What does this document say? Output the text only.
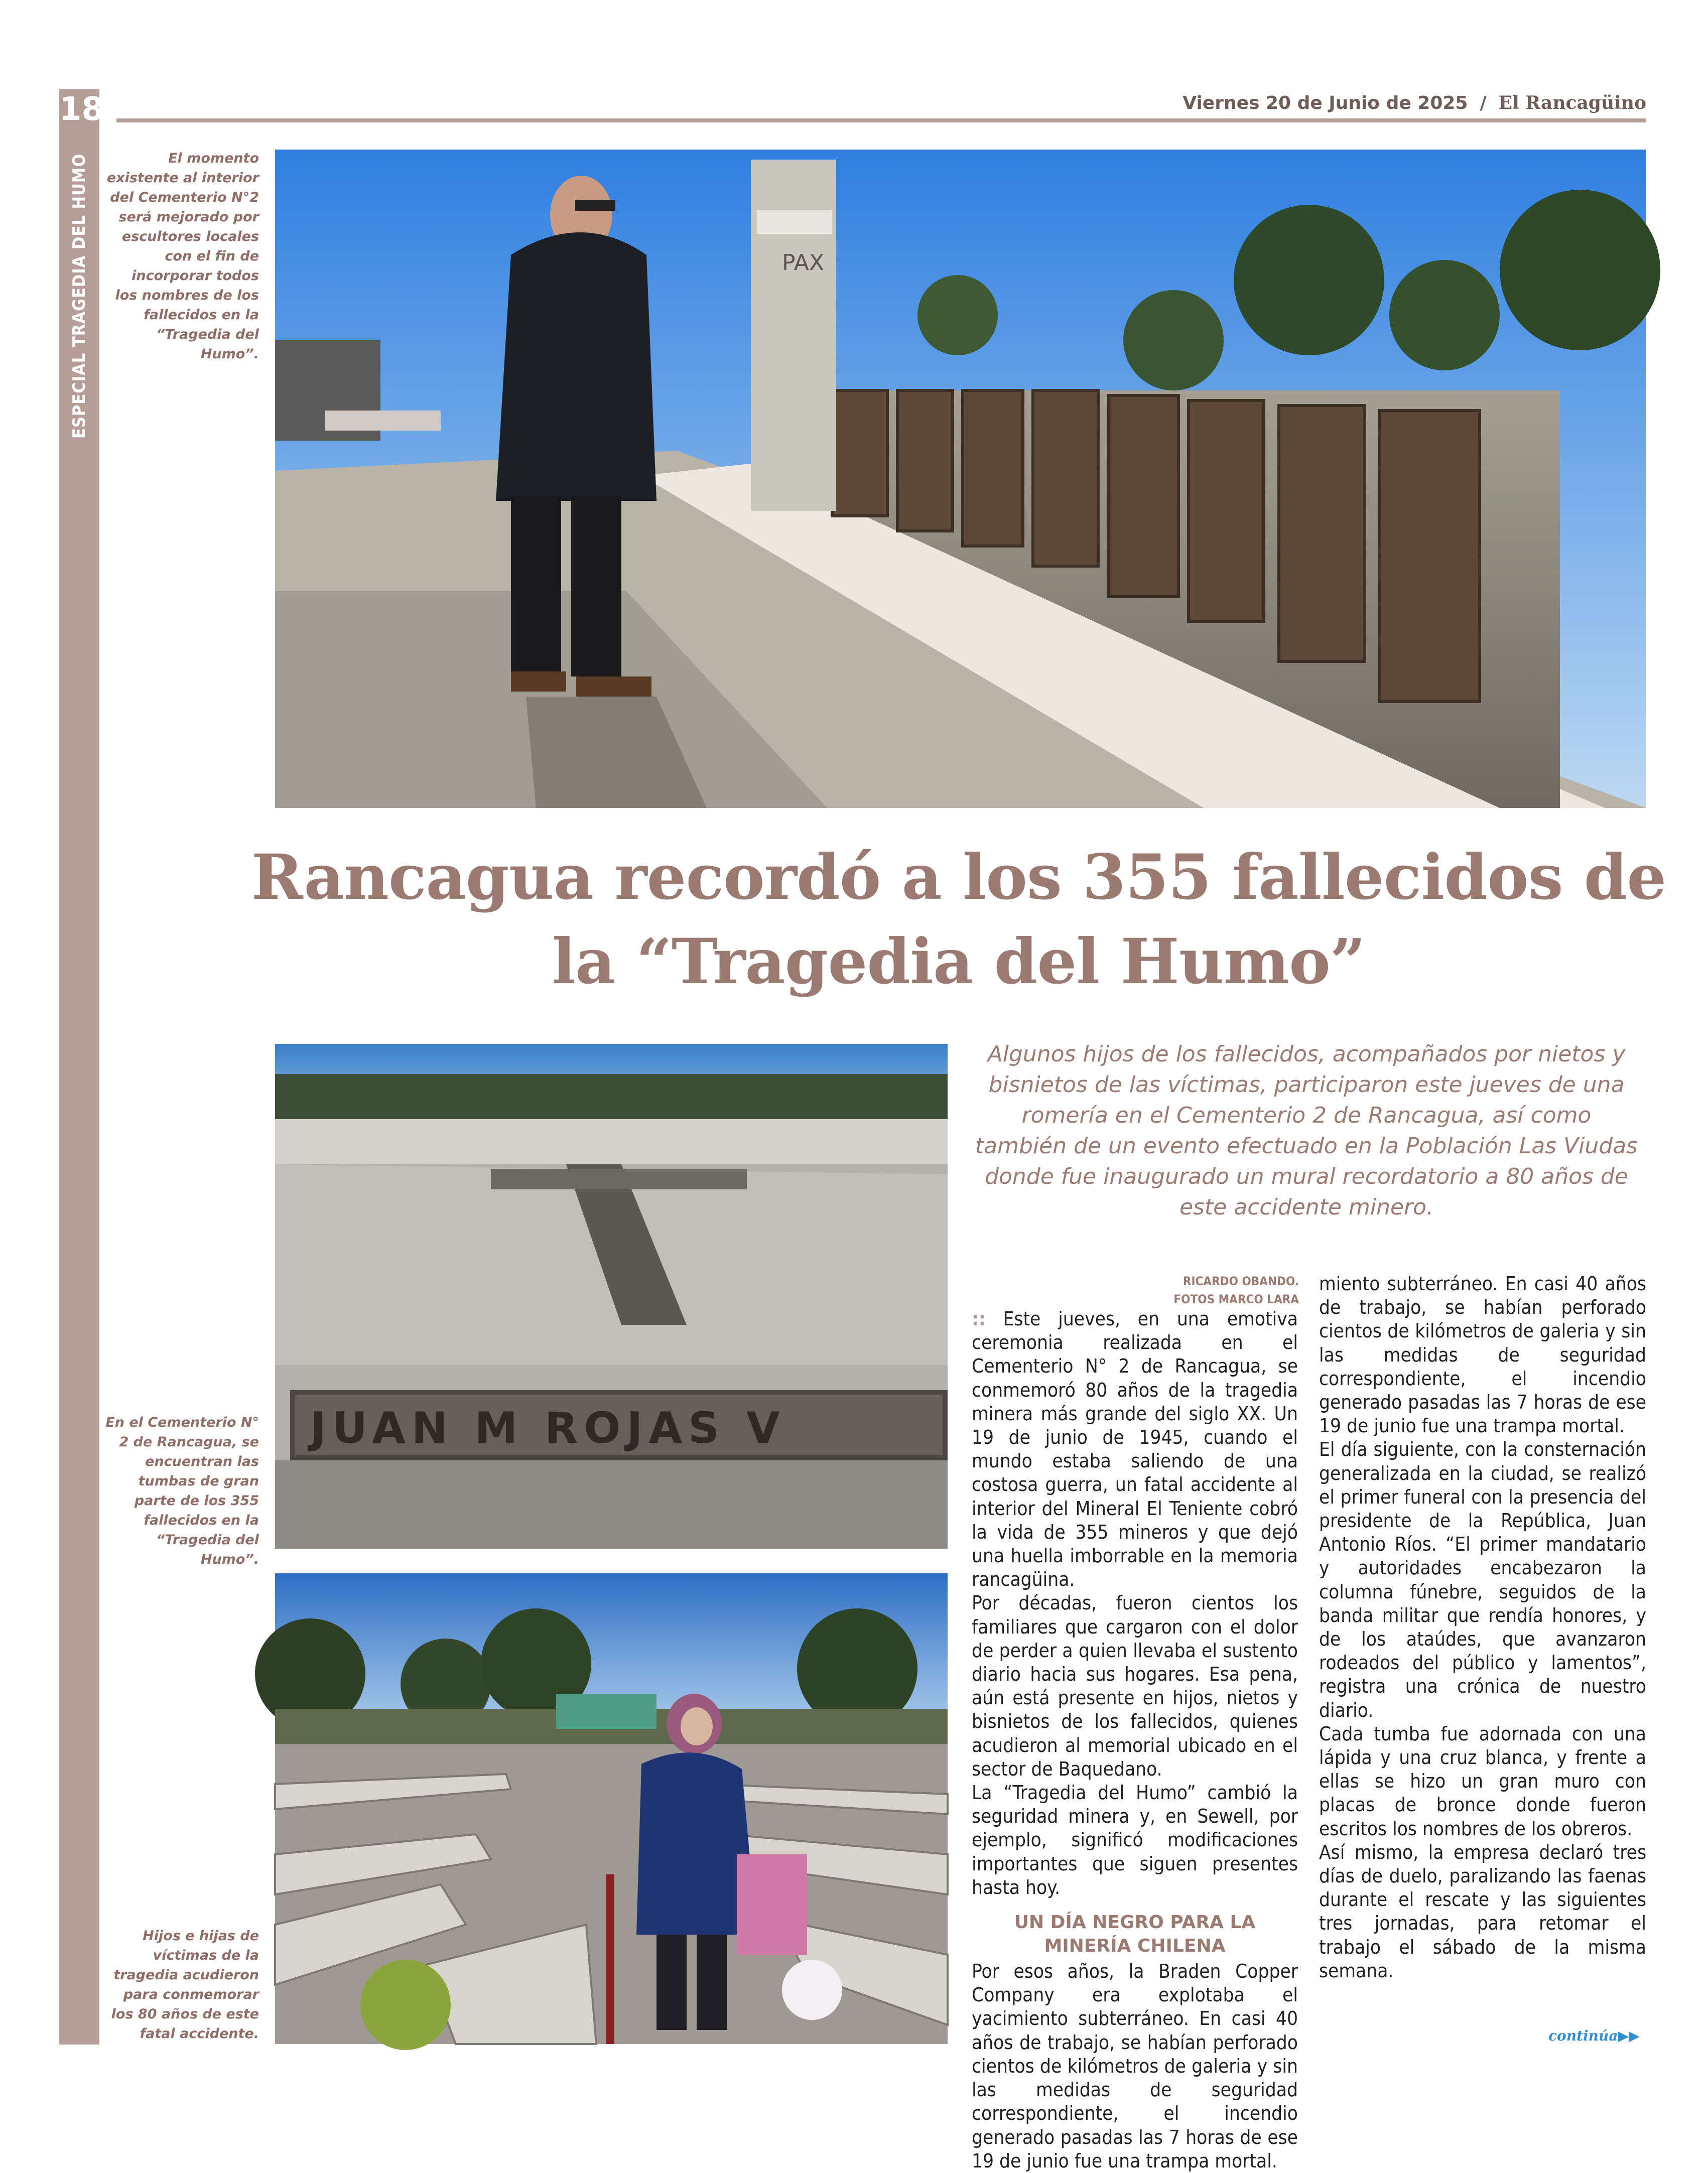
18
ESPECIAL TRAGEDIA DEL HUMO
Viernes 20 de Junio de 2025 / El Rancagüino
El momento existente al interior del Cementerio N°2 será mejorado por escultores locales con el fin de incorporar todos los nombres de los fallecidos en la “Tragedia del Humo”.
En el Cementerio N° 2 de Rancagua, se encuentran las tumbas de gran parte de los 355 fallecidos en la “Tragedia del Humo”.
Hijos e hijas de víctimas de la tragedia acudieron para conmemorar los 80 años de este fatal accidente.
PAX
Rancagua recordó a los 355 fallecidos de la “Tragedia del Humo”
JUAN M ROJAS V
Algunos hijos de los fallecidos, acompañados por nietos y bisnietos de las víctimas, participaron este jueves de una romería en el Cementerio 2 de Rancagua, así como también de un evento efectuado en la Población Las Viudas donde fue inaugurado un mural recordatorio a 80 años de este accidente minero.
RICARDO OBANDO.
FOTOS MARCO LARA

:: Este jueves, en una emotiva ceremonia realizada en el Cementerio N° 2 de Rancagua, se conmemoró 80 años de la tragedia minera más grande del siglo XX. Un 19 de junio de 1945, cuando el mundo estaba saliendo de una costosa guerra, un fatal accidente al interior del Mineral El Teniente cobró la vida de 355 mineros y que dejó una huella imborrable en la memoria rancagüina.

Por décadas, fueron cientos los familiares que cargaron con el dolor de perder a quien llevaba el sustento diario hacia sus hogares. Esa pena, aún está presente en hijos, nietos y bisnietos de los fallecidos, quienes acudieron al memorial ubicado en el sector de Baquedano.

La “Tragedia del Humo” cambió la seguridad minera y, en Sewell, por ejemplo, significó modificaciones importantes que siguen presentes hasta hoy.

UN DÍA NEGRO PARA LA MINERÍA CHILENA

Por esos años, la Braden Copper Company era explotaba el yacimiento subterráneo. En casi 40 años de trabajo, se habían perforado cientos de kilómetros de galeria y sin las medidas de seguridad correspondiente, el incendio generado pasadas las 7 horas de ese 19 de junio fue una trampa mortal.

miento subterráneo. En casi 40 años de trabajo, se habían perforado cientos de kilómetros de galeria y sin las medidas de seguridad correspondiente, el incendio generado pasadas las 7 horas de ese 19 de junio fue una trampa mortal.

El día siguiente, con la consternación generalizada en la ciudad, se realizó el primer funeral con la presencia del presidente de la República, Juan Antonio Ríos. “El primer mandatario y autoridades encabezaron la columna fúnebre, seguidos de la banda militar que rendía honores, y de los ataúdes, que avanzaron rodeados del público y lamentos”, registra una crónica de nuestro diario.

Cada tumba fue adornada con una lápida y una cruz blanca, y frente a ellas se hizo un gran muro con placas de bronce donde fueron escritos los nombres de los obreros.

Así mismo, la empresa declaró tres días de duelo, paralizando las faenas durante el rescate y las siguientes tres jornadas, para retomar el trabajo el sábado de la misma semana.

continúa▶▶
